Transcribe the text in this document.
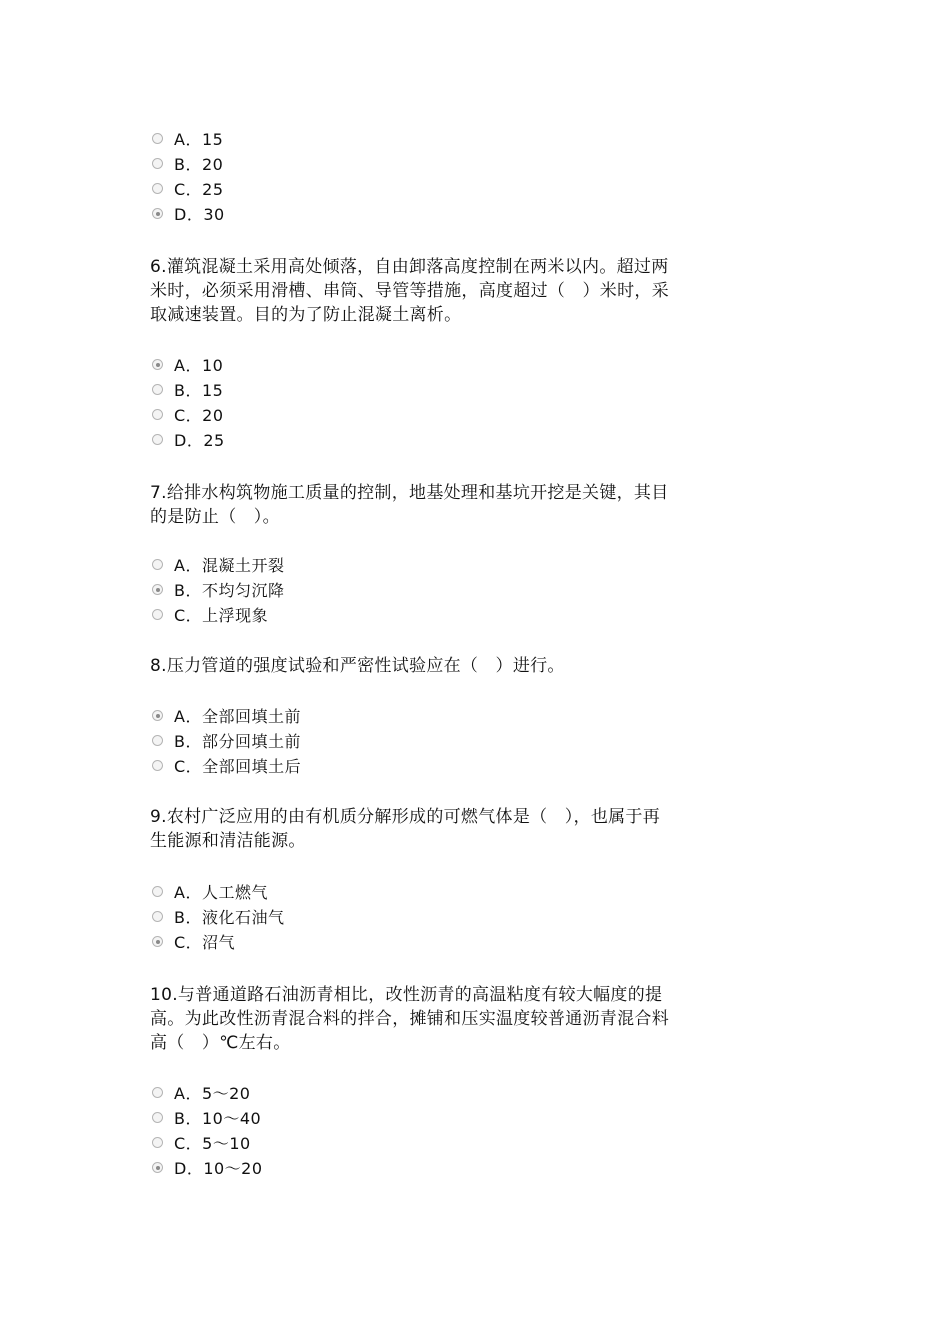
A．15
B．20
C．25
D．30

6.灌筑混凝土采用高处倾落，自由卸落高度控制在两米以内。超过两
米时，必须采用滑槽、串筒、导管等措施，高度超过（　）米时，采
取减速装置。目的为了防止混凝土离析。

A．10
B．15
C．20
D．25

7.给排水构筑物施工质量的控制，地基处理和基坑开挖是关键，其目
的是防止（　）。

A．混凝土开裂
B．不均匀沉降
C．上浮现象

8.压力管道的强度试验和严密性试验应在（　）进行。

A．全部回填土前
B．部分回填土前
C．全部回填土后

9.农村广泛应用的由有机质分解形成的可燃气体是（　），也属于再
生能源和清洁能源。

A．人工燃气
B．液化石油气
C．沼气

10.与普通道路石油沥青相比，改性沥青的高温粘度有较大幅度的提
高。为此改性沥青混合料的拌合，摊铺和压实温度较普通沥青混合料
高（　）℃左右。

A．5～20
B．10～40
C．5～10
D．10～20
